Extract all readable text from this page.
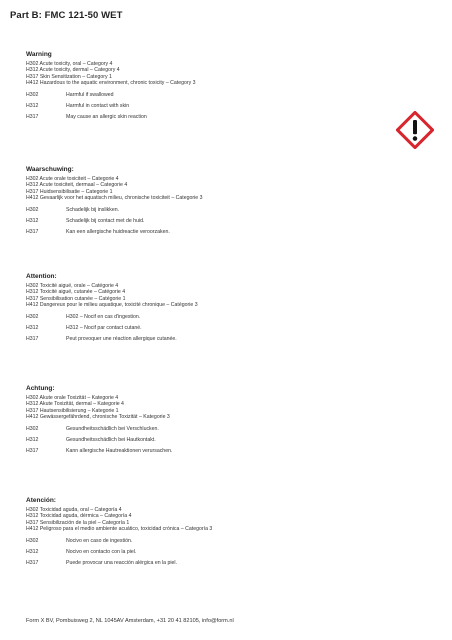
Part B: FMC 121-50 WET
Warning
H302 Acute toxicity, oral – Category 4
H312 Acute toxicity, dermal – Category 4
H317 Skin Sensitization – Category 1
H412 Hazardous to the aquatic environment, chronic toxicity – Category 3
H302	Harmful if swallowed
H312	Harmful in contact with skin
H317	May cause an allergic skin reaction
Waarschuwing:
H302 Acute orale toxiciteit – Categorie 4
H312 Acute toxiciteit, dermaal – Categorie 4
H317 Huidsensibilisatie – Categorie 1
H412 Gevaarlijk voor het aquatisch milieu, chronische toxiciteit – Categorie 3
H302	Schadelijk bij inslikken.
H312	Schadelijk bij contact met de huid.
H317	Kan een allergische huidreactie veroorzaken.
Attention:
H302 Toxicité aiguë, orale – Catégorie 4
H312 Toxicité aiguë, cutanée – Catégorie 4
H317 Sensibilisation cutanée – Catégorie 1
H412 Dangereux pour le milieu aquatique, toxicité chronique – Catégorie 3
H302	H302 – Nocif en cas d'ingestion.
H312	H312 – Nocif par contact cutané.
H317	Peut provoquer une réaction allergique cutanée.
Achtung:
H302 Akute orale Toxizität – Kategorie 4
H312 Akute Toxizität, dermal – Kategorie 4
H317 Hautsensibilisierung – Kategorie 1
H412 Gewässergefährdend, chronische Toxizität – Kategorie 3
H302	Gesundheitsschädlich bei Verschlucken.
H312	Gesundheitsschädlich bei Hautkontakt.
H317	Kann allergische Hautreaktionen verursachen.
Atención:
H302 Toxicidad aguda, oral – Categoría 4
H312 Toxicidad aguda, dérmica – Categoría 4
H317 Sensibilización de la piel – Categoría 1
H412 Peligroso para el medio ambiente acuático, toxicidad crónica – Categoría 3
H302	Nocivo en caso de ingestión.
H312	Nocivo en contacto con la piel.
H317	Puede provocar una reacción alérgica en la piel.
Form X BV, Pombuisweg 2, NL 1045AV Amsterdam, +31 20 41 82105, info@form.nl
